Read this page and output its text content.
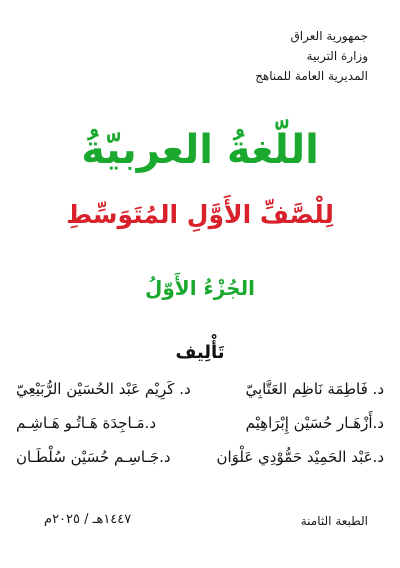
جمهورية العراق
وزارة التربية
المديرية العامة للمناهج
اللّغةُ العربيّةُ
لِلْصَّفِّ الأَوَّلِ المُتَوَسِّطِ
الجُزْءُ الأَوّلُ
تَأْلِيف
د. فَاطِمَة نَاظِم العَتَّابِيّ
د. كَرِيْم عَبْد الحُسَيْن الرُّبَيْعِيّ
د.أَزْهَـار حُسَيْن إِبْرَاهِيْم
د.مَـاجِدَة هَـاتُـو هَـاشِـم
د.عَبْد الحَمِيْد حَمُّوْدِي عَلْوَان
د.جَـاسِـم حُسَيْن سُلْطَـان
الطبعة الثامنة
١٤٤٧هـ / ٢٠٢٥م
